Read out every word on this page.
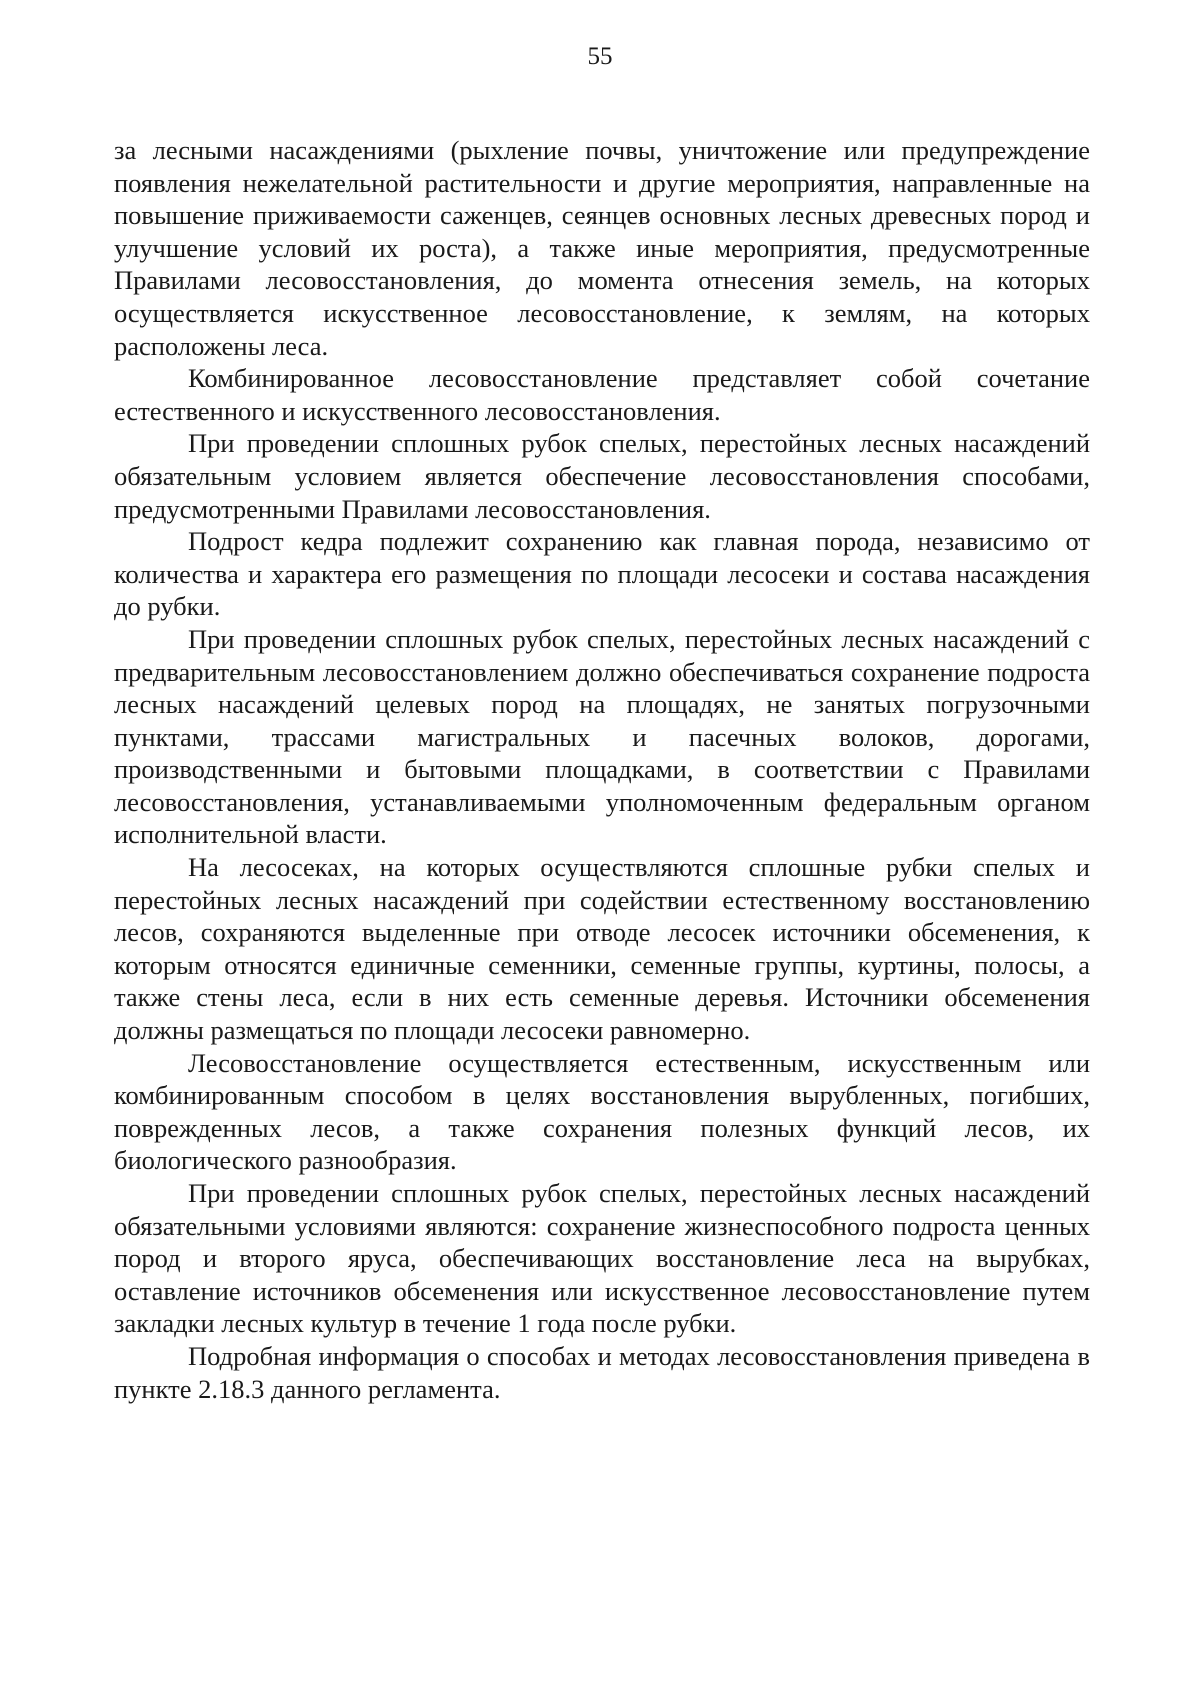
55

за лесными насаждениями (рыхление почвы, уничтожение или предупреждение появления нежелательной растительности и другие мероприятия, направленные на повышение приживаемости саженцев, сеянцев основных лесных древесных пород и улучшение условий их роста), а также иные мероприятия, предусмотренные Правилами лесовосстановления, до момента отнесения земель, на которых осуществляется искусственное лесовосстановление, к землям, на которых расположены леса.

Комбинированное лесовосстановление представляет собой сочетание естественного и искусственного лесовосстановления.

При проведении сплошных рубок спелых, перестойных лесных насаждений обязательным условием является обеспечение лесовосстановления способами, предусмотренными Правилами лесовосстановления.

Подрост кедра подлежит сохранению как главная порода, независимо от количества и характера его размещения по площади лесосеки и состава насаждения до рубки.

При проведении сплошных рубок спелых, перестойных лесных насаждений с предварительным лесовосстановлением должно обеспечиваться сохранение подроста лесных насаждений целевых пород на площадях, не занятых погрузочными пунктами, трассами магистральных и пасечных волоков, дорогами, производственными и бытовыми площадками, в соответствии с Правилами лесовосстановления, устанавливаемыми уполномоченным федеральным органом исполнительной власти.

На лесосеках, на которых осуществляются сплошные рубки спелых и перестойных лесных насаждений при содействии естественному восстановлению лесов, сохраняются выделенные при отводе лесосек источники обсеменения, к которым относятся единичные семенники, семенные группы, куртины, полосы, а также стены леса, если в них есть семенные деревья. Источники обсеменения должны размещаться по площади лесосеки равномерно.

Лесовосстановление осуществляется естественным, искусственным или комбинированным способом в целях восстановления вырубленных, погибших, поврежденных лесов, а также сохранения полезных функций лесов, их биологического разнообразия.

При проведении сплошных рубок спелых, перестойных лесных насаждений обязательными условиями являются: сохранение жизнеспособного подроста ценных пород и второго яруса, обеспечивающих восстановление леса на вырубках, оставление источников обсеменения или искусственное лесовосстановление путем закладки лесных культур в течение 1 года после рубки.

Подробная информация о способах и методах лесовосстановления приведена в пункте 2.18.3 данного регламента.
